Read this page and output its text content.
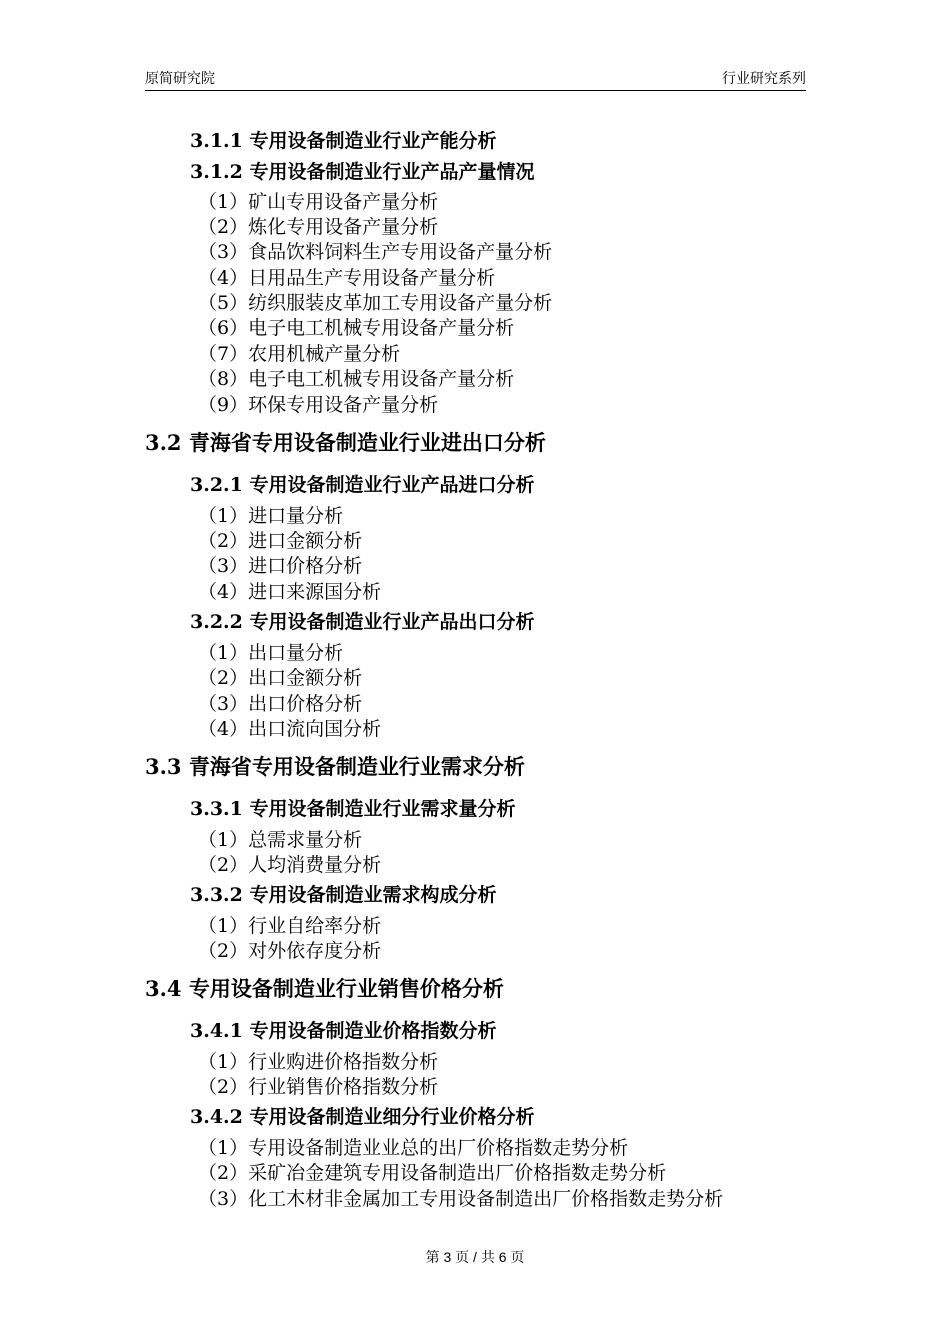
原简研究院	行业研究系列
3.1.1 专用设备制造业行业产能分析
3.1.2 专用设备制造业行业产品产量情况
（1）矿山专用设备产量分析
（2）炼化专用设备产量分析
（3）食品饮料饲料生产专用设备产量分析
（4）日用品生产专用设备产量分析
（5）纺织服装皮革加工专用设备产量分析
（6）电子电工机械专用设备产量分析
（7）农用机械产量分析
（8）电子电工机械专用设备产量分析
（9）环保专用设备产量分析
3.2 青海省专用设备制造业行业进出口分析
3.2.1 专用设备制造业行业产品进口分析
（1）进口量分析
（2）进口金额分析
（3）进口价格分析
（4）进口来源国分析
3.2.2 专用设备制造业行业产品出口分析
（1）出口量分析
（2）出口金额分析
（3）出口价格分析
（4）出口流向国分析
3.3 青海省专用设备制造业行业需求分析
3.3.1 专用设备制造业行业需求量分析
（1）总需求量分析
（2）人均消费量分析
3.3.2 专用设备制造业需求构成分析
（1）行业自给率分析
（2）对外依存度分析
3.4 专用设备制造业行业销售价格分析
3.4.1 专用设备制造业价格指数分析
（1）行业购进价格指数分析
（2）行业销售价格指数分析
3.4.2 专用设备制造业细分行业价格分析
（1）专用设备制造业业总的出厂价格指数走势分析
（2）采矿冶金建筑专用设备制造出厂价格指数走势分析
（3）化工木材非金属加工专用设备制造出厂价格指数走势分析
第 3 页 / 共 6 页
